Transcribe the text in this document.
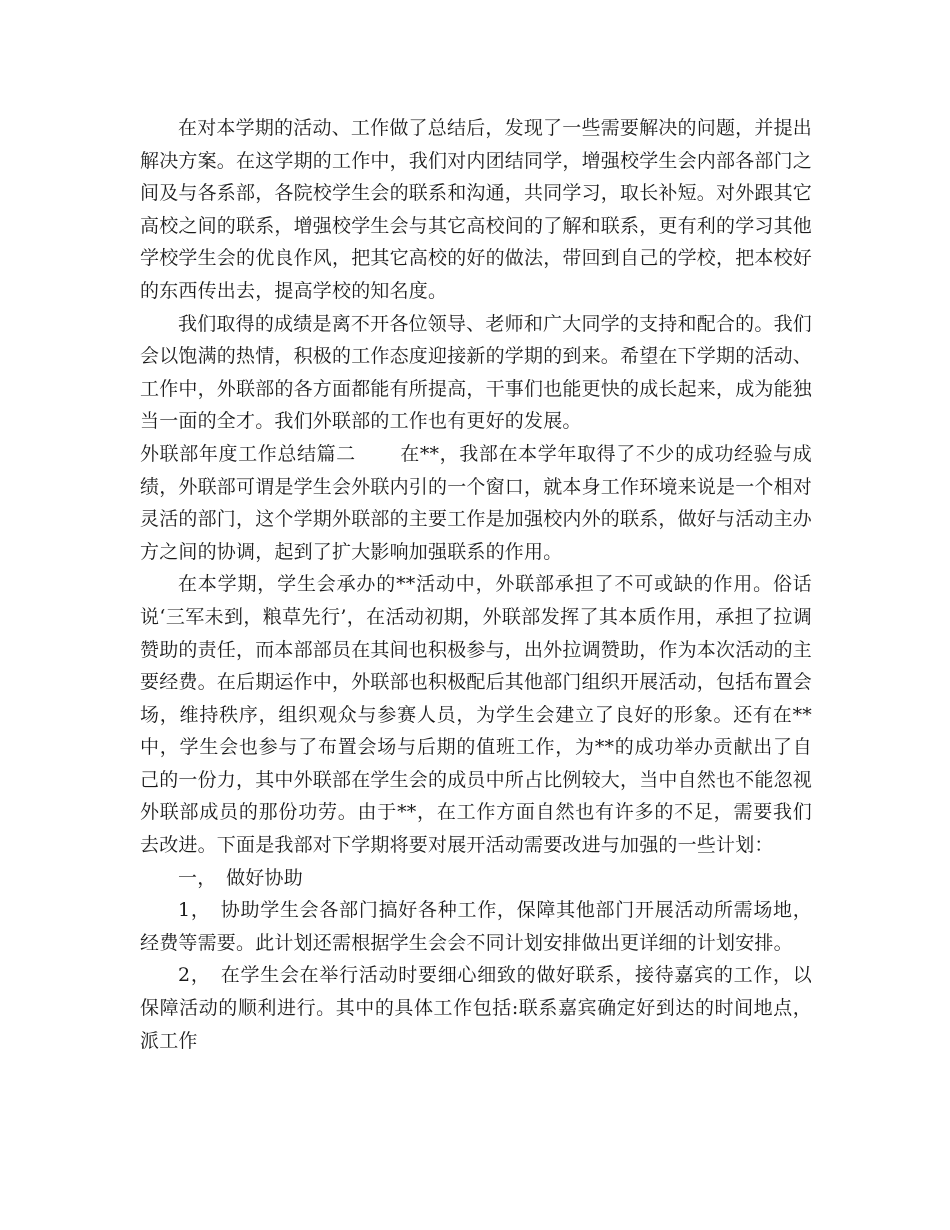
在对本学期的活动、工作做了总结后，发现了一些需要解决的问题，并提出解决方案。在这学期的工作中，我们对内团结同学，增强校学生会内部各部门之间及与各系部，各院校学生会的联系和沟通，共同学习，取长补短。对外跟其它高校之间的联系，增强校学生会与其它高校间的了解和联系，更有利的学习其他学校学生会的优良作风，把其它高校的好的做法，带回到自己的学校，把本校好的东西传出去，提高学校的知名度。

我们取得的成绩是离不开各位领导、老师和广大同学的支持和配合的。我们会以饱满的热情，积极的工作态度迎接新的学期的到来。希望在下学期的活动、工作中，外联部的各方面都能有所提高，干事们也能更快的成长起来，成为能独当一面的全才。我们外联部的工作也有更好的发展。

外联部年度工作总结篇二 在**，我部在本学年取得了不少的成功经验与成绩，外联部可谓是学生会外联内引的一个窗口，就本身工作环境来说是一个相对灵活的部门，这个学期外联部的主要工作是加强校内外的联系，做好与活动主办方之间的协调，起到了扩大影响加强联系的作用。

在本学期，学生会承办的**活动中，外联部承担了不可或缺的作用。俗话说‘三军未到，粮草先行’，在活动初期，外联部发挥了其本质作用，承担了拉调赞助的责任，而本部部员在其间也积极参与，出外拉调赞助，作为本次活动的主要经费。在后期运作中，外联部也积极配后其他部门组织开展活动，包括布置会场，维持秩序，组织观众与参赛人员，为学生会建立了良好的形象。还有在**中，学生会也参与了布置会场与后期的值班工作，为**的成功举办贡献出了自己的一份力，其中外联部在学生会的成员中所占比例较大，当中自然也不能忽视外联部成员的那份功劳。由于**，在工作方面自然也有许多的不足，需要我们去改进。下面是我部对下学期将要对展开活动需要改进与加强的一些计划：

一，　做好协助

1，　协助学生会各部门搞好各种工作，保障其他部门开展活动所需场地，经费等需要。此计划还需根据学生会会不同计划安排做出更详细的计划安排。

2，　在学生会在举行活动时要细心细致的做好联系，接待嘉宾的工作，以保障活动的顺利进行。其中的具体工作包括:联系嘉宾确定好到达的时间地点，派工作
